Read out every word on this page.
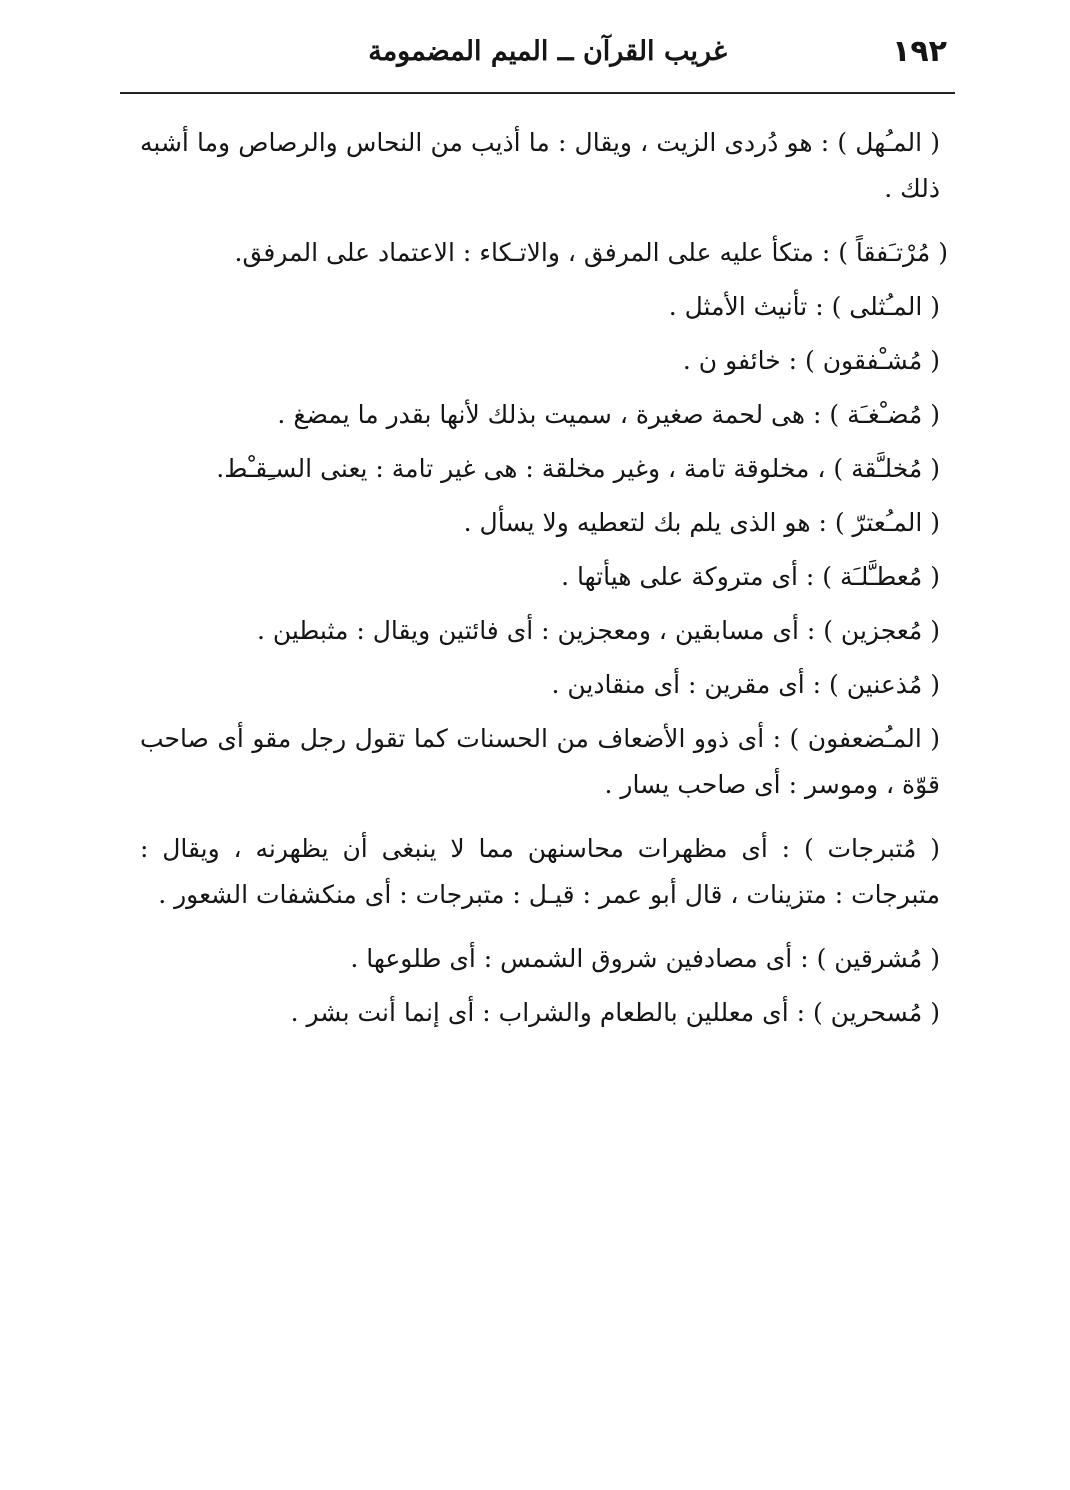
١٩٢
غريب القرآن ــ الميم المضمومة

( المـُهل ) : هو دُردى الزيت ، ويقال : ما أذيب من النحاس والرصاص وما أشبه ذلك .

( مُرْتـَفقاً ) : متكأ عليه على المرفق ، والاتـكاء : الاعتماد على المرفق.

( المـُثلى ) : تأنيث الأمثل .

( مُشـْفقون ) : خائفو ن .

( مُضـْغـَة ) : هى لحمة صغيرة ، سميت بذلك لأنها بقدر ما يمضغ .

( مُخلـَّقة ) ، مخلوقة تامة ، وغير مخلقة : هى غير تامة : يعنى السـِقـْط.

( المـُعترّ ) : هو الذى يلم بك لتعطيه ولا يسأل .

( مُعطـَّلـَة ) : أى متروكة على هيأتها .

( مُعجزين ) : أى مسابقين ، ومعجزين : أى فائتين ويقال : مثبطين .

( مُذعنين ) : أى مقرين : أى منقادين .

( المـُضعفون ) : أى ذوو الأضعاف من الحسنات كما تقول رجل مقو أى صاحب قوّة ، وموسر : أى صاحب يسار .

( مُتبرجات ) : أى مظهرات محاسنهن مما لا ينبغى أن يظهرنه ، ويقال : متبرجات : متزينات ، قال أبو عمر : قيـل : متبرجات : أى منكشفات الشعور .

( مُشرقين ) : أى مصادفين شروق الشمس : أى طلوعها .

( مُسحرين ) : أى معللين بالطعام والشراب : أى إنما أنت بشر .
